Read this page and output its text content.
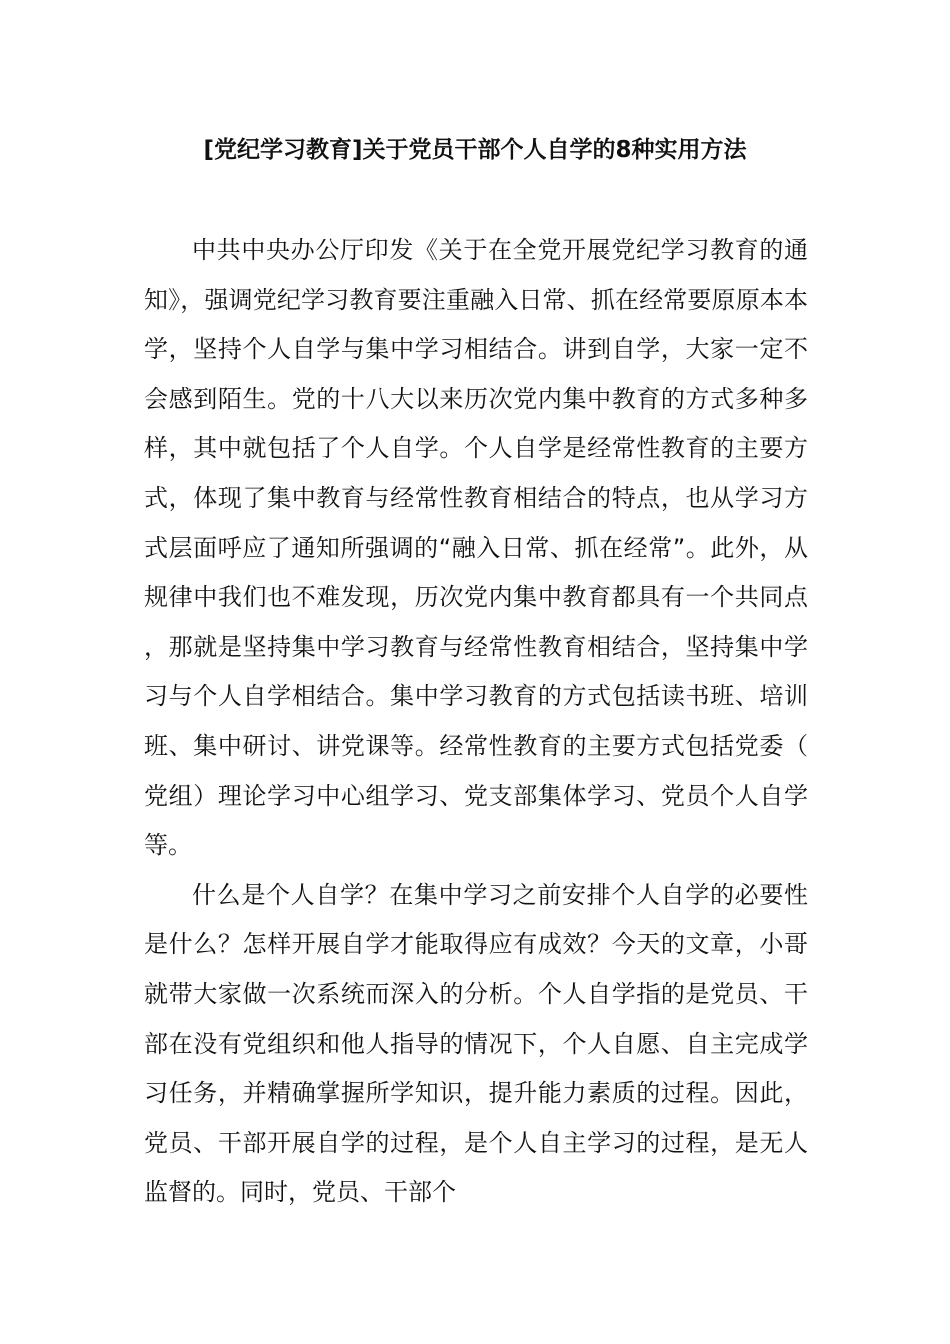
[党纪学习教育]关于党员干部个人自学的8种实用方法

中共中央办公厅印发《关于在全党开展党纪学习教育的通知》，强调党纪学习教育要注重融入日常、抓在经常要原原本本学，坚持个人自学与集中学习相结合。讲到自学，大家一定不会感到陌生。党的十八大以来历次党内集中教育的方式多种多样，其中就包括了个人自学。个人自学是经常性教育的主要方式，体现了集中教育与经常性教育相结合的特点，也从学习方式层面呼应了通知所强调的“融入日常、抓在经常”。此外，从规律中我们也不难发现，历次党内集中教育都具有一个共同点，那就是坚持集中学习教育与经常性教育相结合，坚持集中学习与个人自学相结合。集中学习教育的方式包括读书班、培训班、集中研讨、讲党课等。经常性教育的主要方式包括党委（党组）理论学习中心组学习、党支部集体学习、党员个人自学等。

什么是个人自学？在集中学习之前安排个人自学的必要性是什么？怎样开展自学才能取得应有成效？今天的文章，小哥就带大家做一次系统而深入的分析。个人自学指的是党员、干部在没有党组织和他人指导的情况下，个人自愿、自主完成学习任务，并精确掌握所学知识，提升能力素质的过程。因此，党员、干部开展自学的过程，是个人自主学习的过程，是无人监督的。同时，党员、干部个
